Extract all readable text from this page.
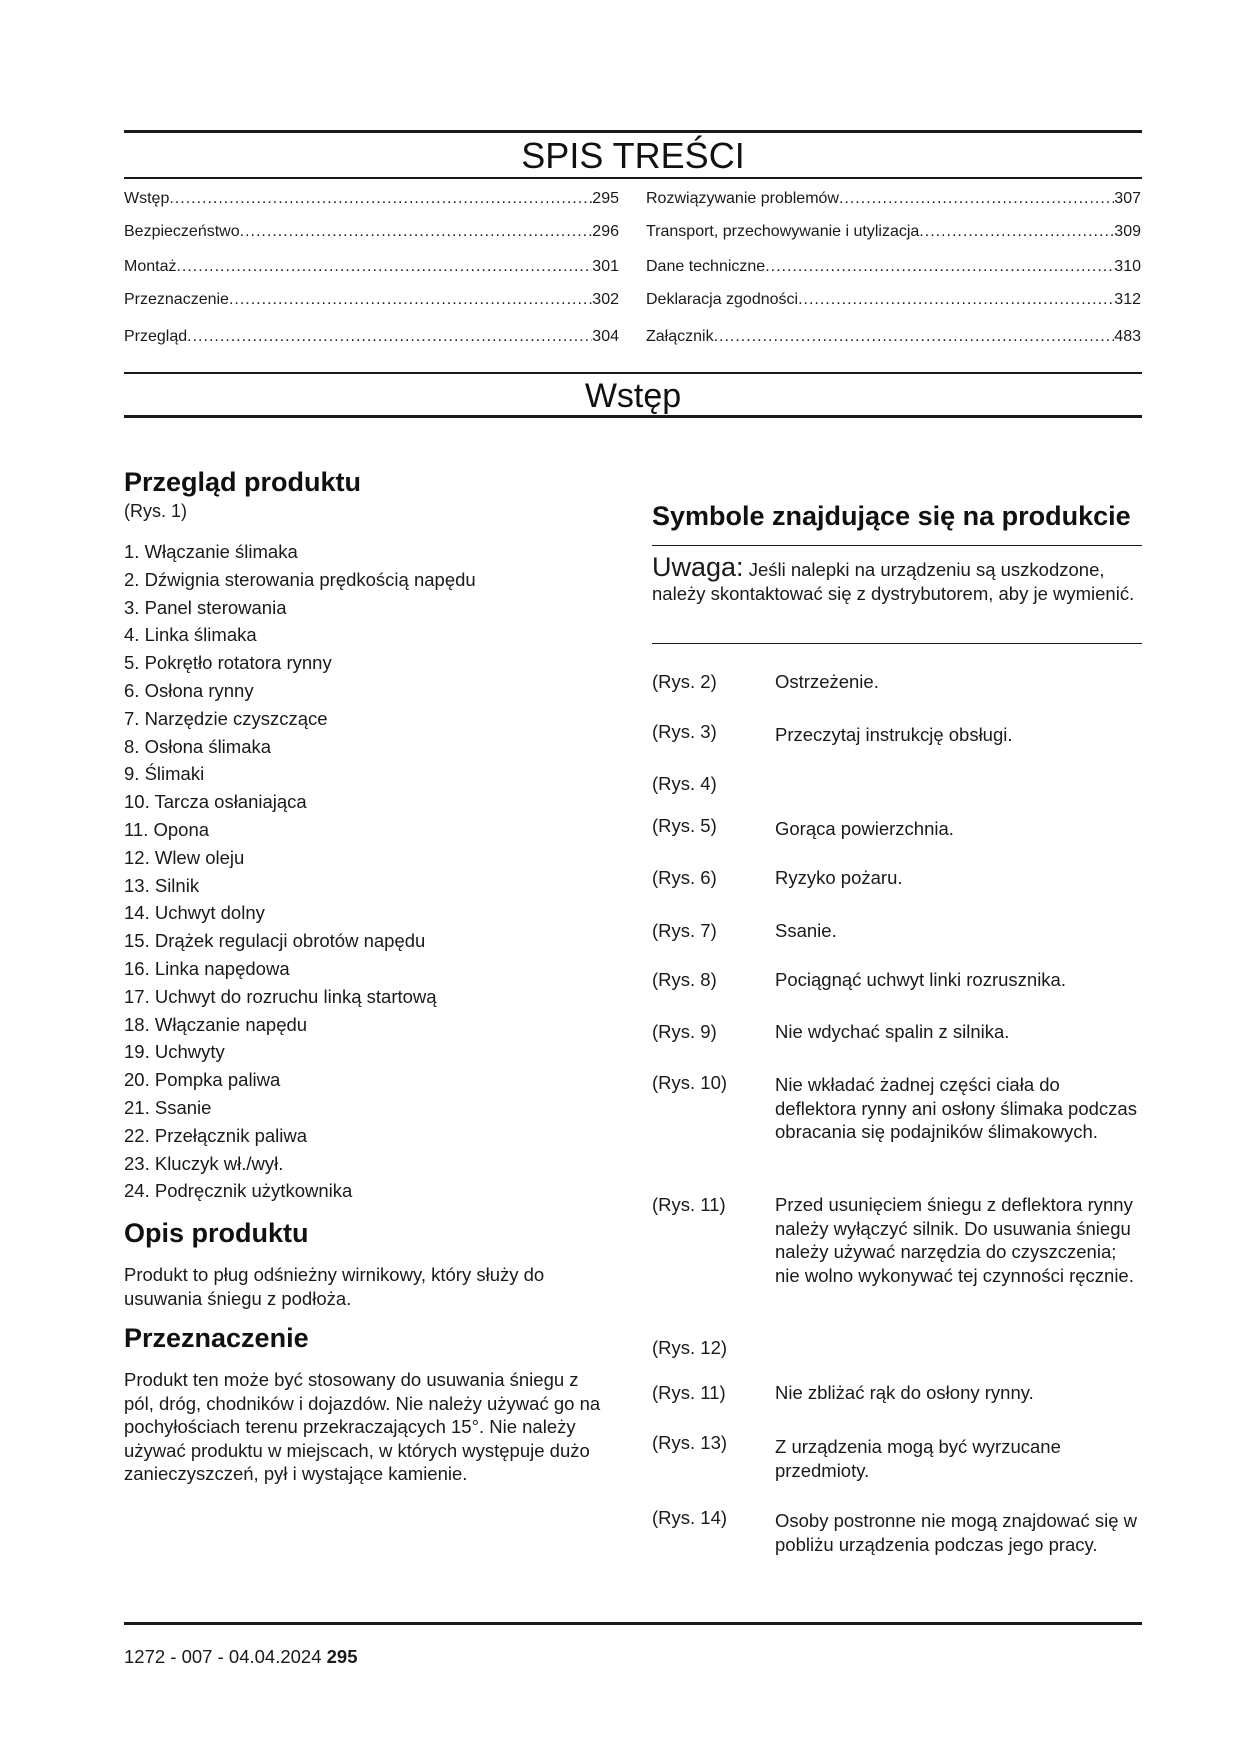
SPIS TREŚCI
Wstęp .....	295
Bezpieczeństwo .....	296
Montaż .....	301
Przeznaczenie .....	302
Przegląd .....	304
Rozwiązywanie problemów .....	307
Transport, przechowywanie i utylizacja .....	309
Dane techniczne .....	310
Deklaracja zgodności .....	312
Załącznik .....	483
Wstęp
Przegląd produktu

(Rys. 1)

1. Włączanie ślimaka
2. Dźwignia sterowania prędkością napędu
3. Panel sterowania
4. Linka ślimaka
5. Pokrętło rotatora rynny
6. Osłona rynny
7. Narzędzie czyszczące
8. Osłona ślimaka
9. Ślimaki
10. Tarcza osłaniająca
11. Opona
12. Wlew oleju
13. Silnik
14. Uchwyt dolny
15. Drążek regulacji obrotów napędu
16. Linka napędowa
17. Uchwyt do rozruchu linką startową
18. Włączanie napędu
19. Uchwyty
20. Pompka paliwa
21. Ssanie
22. Przełącznik paliwa
23. Kluczyk wł./wył.
24. Podręcznik użytkownika
Opis produktu

Produkt to pług odśnieżny wirnikowy, który służy do usuwania śniegu z podłoża.

Przeznaczenie

Produkt ten może być stosowany do usuwania śniegu z pól, dróg, chodników i dojazdów. Nie należy używać go na pochyłościach terenu przekraczających 15°. Nie należy używać produktu w miejscach, w których występuje dużo zanieczyszczeń, pył i wystające kamienie.

Symbole znajdujące się na produkcie
Uwaga: Jeśli nalepki na urządzeniu są uszkodzone, należy skontaktować się z dystrybutorem, aby je wymienić.
(Rys. 2)	Ostrzeżenie.
(Rys. 3)	Przeczytaj instrukcję obsługi.
(Rys. 4)
(Rys. 5)	Gorąca powierzchnia.
(Rys. 6)	Ryzyko pożaru.
(Rys. 7)	Ssanie.
(Rys. 8)	Pociągnąć uchwyt linki rozrusznika.
(Rys. 9)	Nie wdychać spalin z silnika.
(Rys. 10)	Nie wkładać żadnej części ciała do deflektora rynny ani osłony ślimaka podczas obracania się podajników ślimakowych.
(Rys. 11)	Przed usunięciem śniegu z deflektora rynny należy wyłączyć silnik. Do usuwania śniegu należy używać narzędzia do czyszczenia; nie wolno wykonywać tej czynności ręcznie.
(Rys. 12)
(Rys. 11)	Nie zbliżać rąk do osłony rynny.
(Rys. 13)	Z urządzenia mogą być wyrzucane przedmioty.
(Rys. 14)	Osoby postronne nie mogą znajdować się w pobliżu urządzenia podczas jego pracy.
1272 - 007 - 04.04.2024 295
